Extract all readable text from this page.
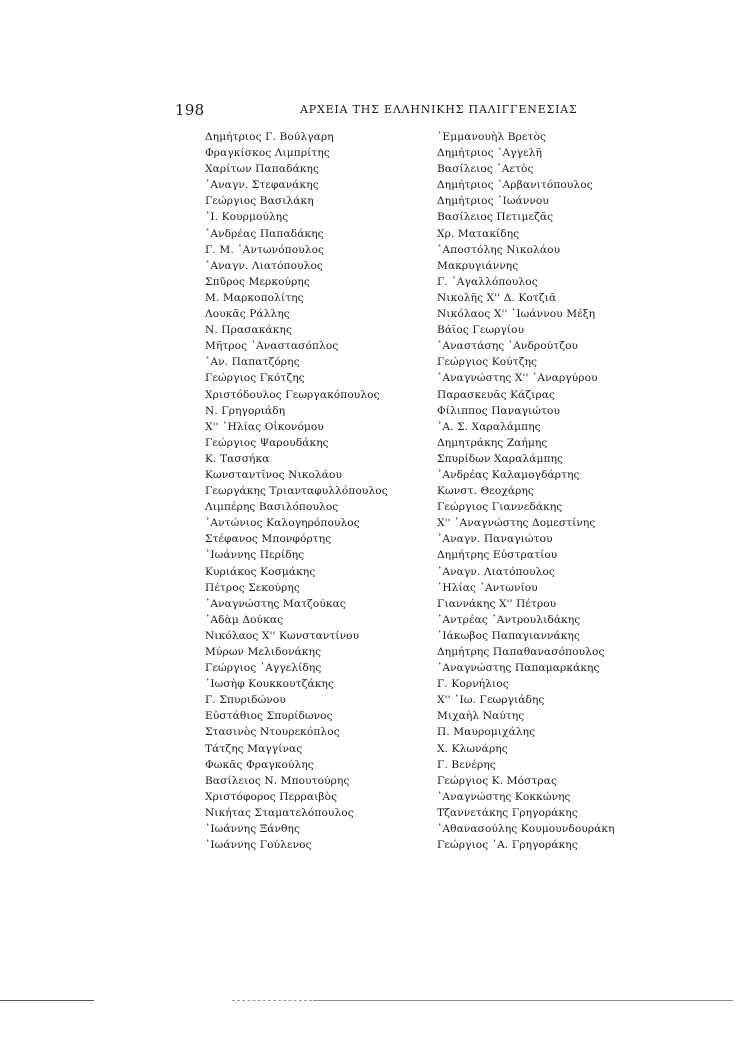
198	ΑΡΧΕΙΑ ΤΗΣ ΕΛΛΗΝΙΚΗΣ ΠΑΛΙΓΓΕΝΕΣΙΑΣ
Δημήτριος Γ. Βούλγαρη
Φραγκίσκος Λιμπρίτης
Χαρίτων Παπαδάκης
᾿Αναγν. Στεφανάκης
Γεώργιος Βασιλάκη
᾿Ι. Κουρμούλης
᾿Ανδρέας Παπαδάκης
Γ. Μ. ᾿Αντωνόπουλος
᾿Αναγν. Λιατόπουλος
Σπῦρος Μερκούρης
Μ. Μαρκοπολίτης
Λουκᾶς Ράλλης
Ν. Πρασακάκης
Μῆτρος ᾿Αναστασόπλος
᾿Αν. Παπατζόρης
Γεώργιος Γκότζης
Χριστόδουλος Γεωργακόπουλος
Ν. Γρηγοριάδη
Χ'' ᾿Ηλίας Οἰκονόμου
Γεώργιος Ψαρουδάκης
Κ. Τασσήκα
Κωνσταντῖνος Νικολάου
Γεωργάκης Τριανταφυλλόπουλος
Λιμπέρης Βασιλόπουλος
᾿Αντώνιος Καλογηρόπουλος
Στέφανος Μπονφόρτης
᾿Ιωάννης Περίδης
Κυριάκος Κοσμάκης
Πέτρος Σεκούρης
᾿Αναγνώστης Ματζούκας
᾿Αδὰμ Δούκας
Νικόλαος Χ'' Κωνσταντίνου
Μύρων Μελιδονάκης
Γεώργιος ᾿Αγγελίδης
᾿Ιωσὴφ Κουκκουτζάκης
Γ. Σπυριδώνου
Εὐστάθιος Σπυρίδωνος
Στασινὸς Ντουρεκόπλος
Τάτζης Μαγγίνας
Φωκᾶς Φραγκούλης
Βασίλειος Ν. Μπουτούρης
Χριστόφορος Περραιβὸς
Νικήτας Σταματελόπουλος
᾿Ιωάννης Ξάνθης
᾿Ιωάννης Γούλενος
᾿Εμμανουὴλ Βρετὸς
Δημήτριος ᾿Αγγελῆ
Βασίλειος ᾿Αετὸς
Δημήτριος ᾿Αρβανιτόπουλος
Δημήτριος ᾿Ιωάννου
Βασίλειος Πετιμεζᾶς
Χρ. Ματακίδης
᾿Αποστόλης Νικολάου
Μακρυγιάννης
Γ. ᾿Αγαλλόπουλος
Νικολῆς Χ'' Δ. Κοτζιᾶ
Νικόλαος Χ'' ᾿Ιωάννου Μέξη
Βάϊος Γεωργίου
᾿Αναστάσης ᾿Ανδρούτζου
Γεώργιος Κούτζης
᾿Αναγνώστης Χ'' ᾿Αναργύρου
Παρασκευᾶς Κάζιρας
Φίλιππος Παναγιώτου
᾿Α. Σ. Χαραλάμπης
Δημητράκης Ζαήμης
Σπυρίδων Χαραλάμπης
᾿Ανδρέας Καλαμογδάρτης
Κωνστ. Θεοχάρης
Γεώργιος Γιαννεδάκης
Χ'' ᾿Αναγνώστης Δομεστίνης
᾿Αναγν. Παναγιώτου
Δημήτρης Εὐστρατίου
᾿Αναγν. Λιατόπουλος
᾿Ηλίας ᾿Αντωνίου
Γιαννάκης Χ'' Πέτρου
᾿Αντρέας ᾿Αντρουλιδάκης
᾿Ιάκωβος Παπαγιαννάκης
Δημήτρης Παπαθανασόπουλος
᾿Αναγνώστης Παπαμαρκάκης
Γ. Κορνήλιος
Χ'' ᾿Ιω. Γεωργιάδης
Μιχαὴλ Ναύτης
Π. Μαυρομιχάλης
Χ. Κλωνάρης
Γ. Βενέρης
Γεώργιος Κ. Μόστρας
᾿Αναγνώστης Κοκκώνης
Τζαννετάκης Γρηγοράκης
᾿Αθανασούλης Κουμουνδουράκη
Γεώργιος ᾿Α. Γρηγοράκης
